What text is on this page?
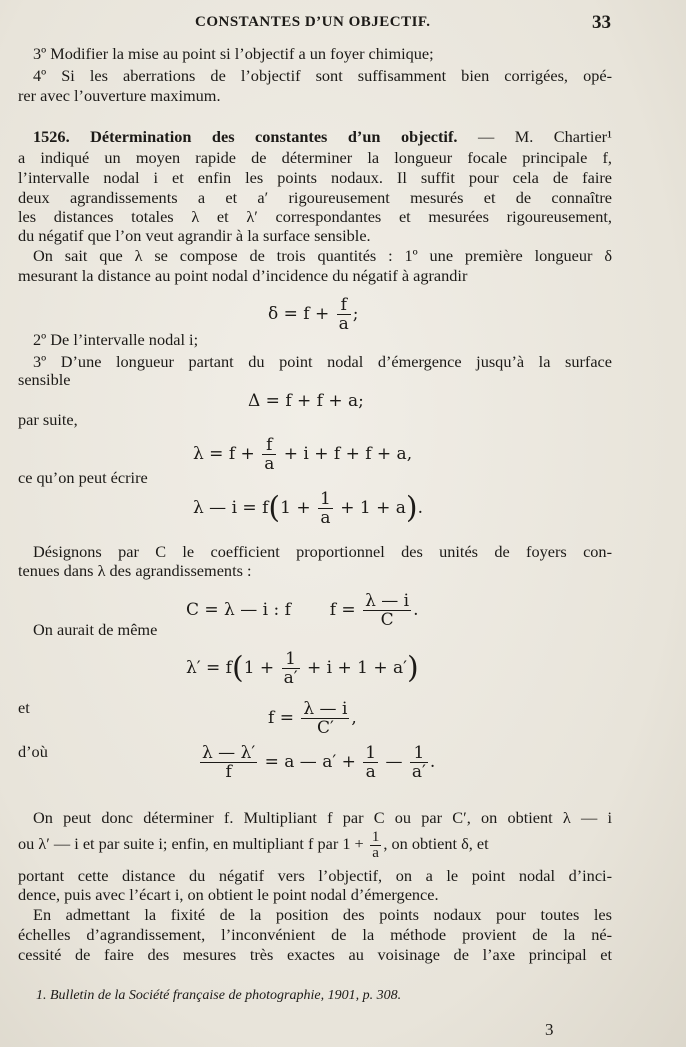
CONSTANTES D’UN OBJECTIF.	33
3º Modifier la mise au point si l’objectif a un foyer chimique;
4º Si les aberrations de l’objectif sont suffisamment bien corrigées, opé-
rer avec l’ouverture maximum.
1526. Détermination des constantes d’un objectif. — M. Chartier¹
a indiqué un moyen rapide de déterminer la longueur focale principale f,
l’intervalle nodal i et enfin les points nodaux. Il suffit pour cela de faire
deux agrandissements a et a′ rigoureusement mesurés et de connaître
les distances totales λ et λ′ correspondantes et mesurées rigoureusement,
du négatif que l’on veut agrandir à la surface sensible.
On sait que λ se compose de trois quantités : 1º une première longueur δ
mesurant la distance au point nodal d’incidence du négatif à agrandir
$\delta = f + \frac{f}{a}$ ;
2º De l’intervalle nodal i;
3º D’une longueur partant du point nodal d’émergence jusqu’à la surface
sensible
Δ = f + f + a;
par suite,
$\lambda = f + \frac{f}{a} + i + f + f + a$,
ce qu’on peut écrire
λ — $i = f(1 + \frac{1}{a} + 1 + a)$.
Désignons par C le coefficient proportionnel des unités de foyers con-
tenues dans λ des agrandissements :
C = λ — i : f $f = \frac{\lambda — i}{C}$ .
On aurait de même
$\lambda' = f(1 + \frac{1}{a'} + i + 1 + a')$
et
$f = \frac{\lambda — i}{C'}$ ,
d’où	$\frac{\lambda — \lambda'}{f} = a$ — $a' + \frac{1}{a}$ — $\frac{1}{a'}$ .
On peut donc déterminer f. Multipliant f par C ou par C′, on obtient λ — i
ou λ′ — i et par suite i; enfin, en multipliant f par $1 + \frac{1}{a}$ , on obtient δ, et
portant cette distance du négatif vers l’objectif, on a le point nodal d’inci-
dence, puis avec l’écart i, on obtient le point nodal d’émergence.
En admettant la fixité de la position des points nodaux pour toutes les
échelles d’agrandissement, l’inconvénient de la méthode provient de la né-
cessité de faire des mesures très exactes au voisinage de l’axe principal et
1. Bulletin de la Société française de photographie, 1901, p. 308.
3
